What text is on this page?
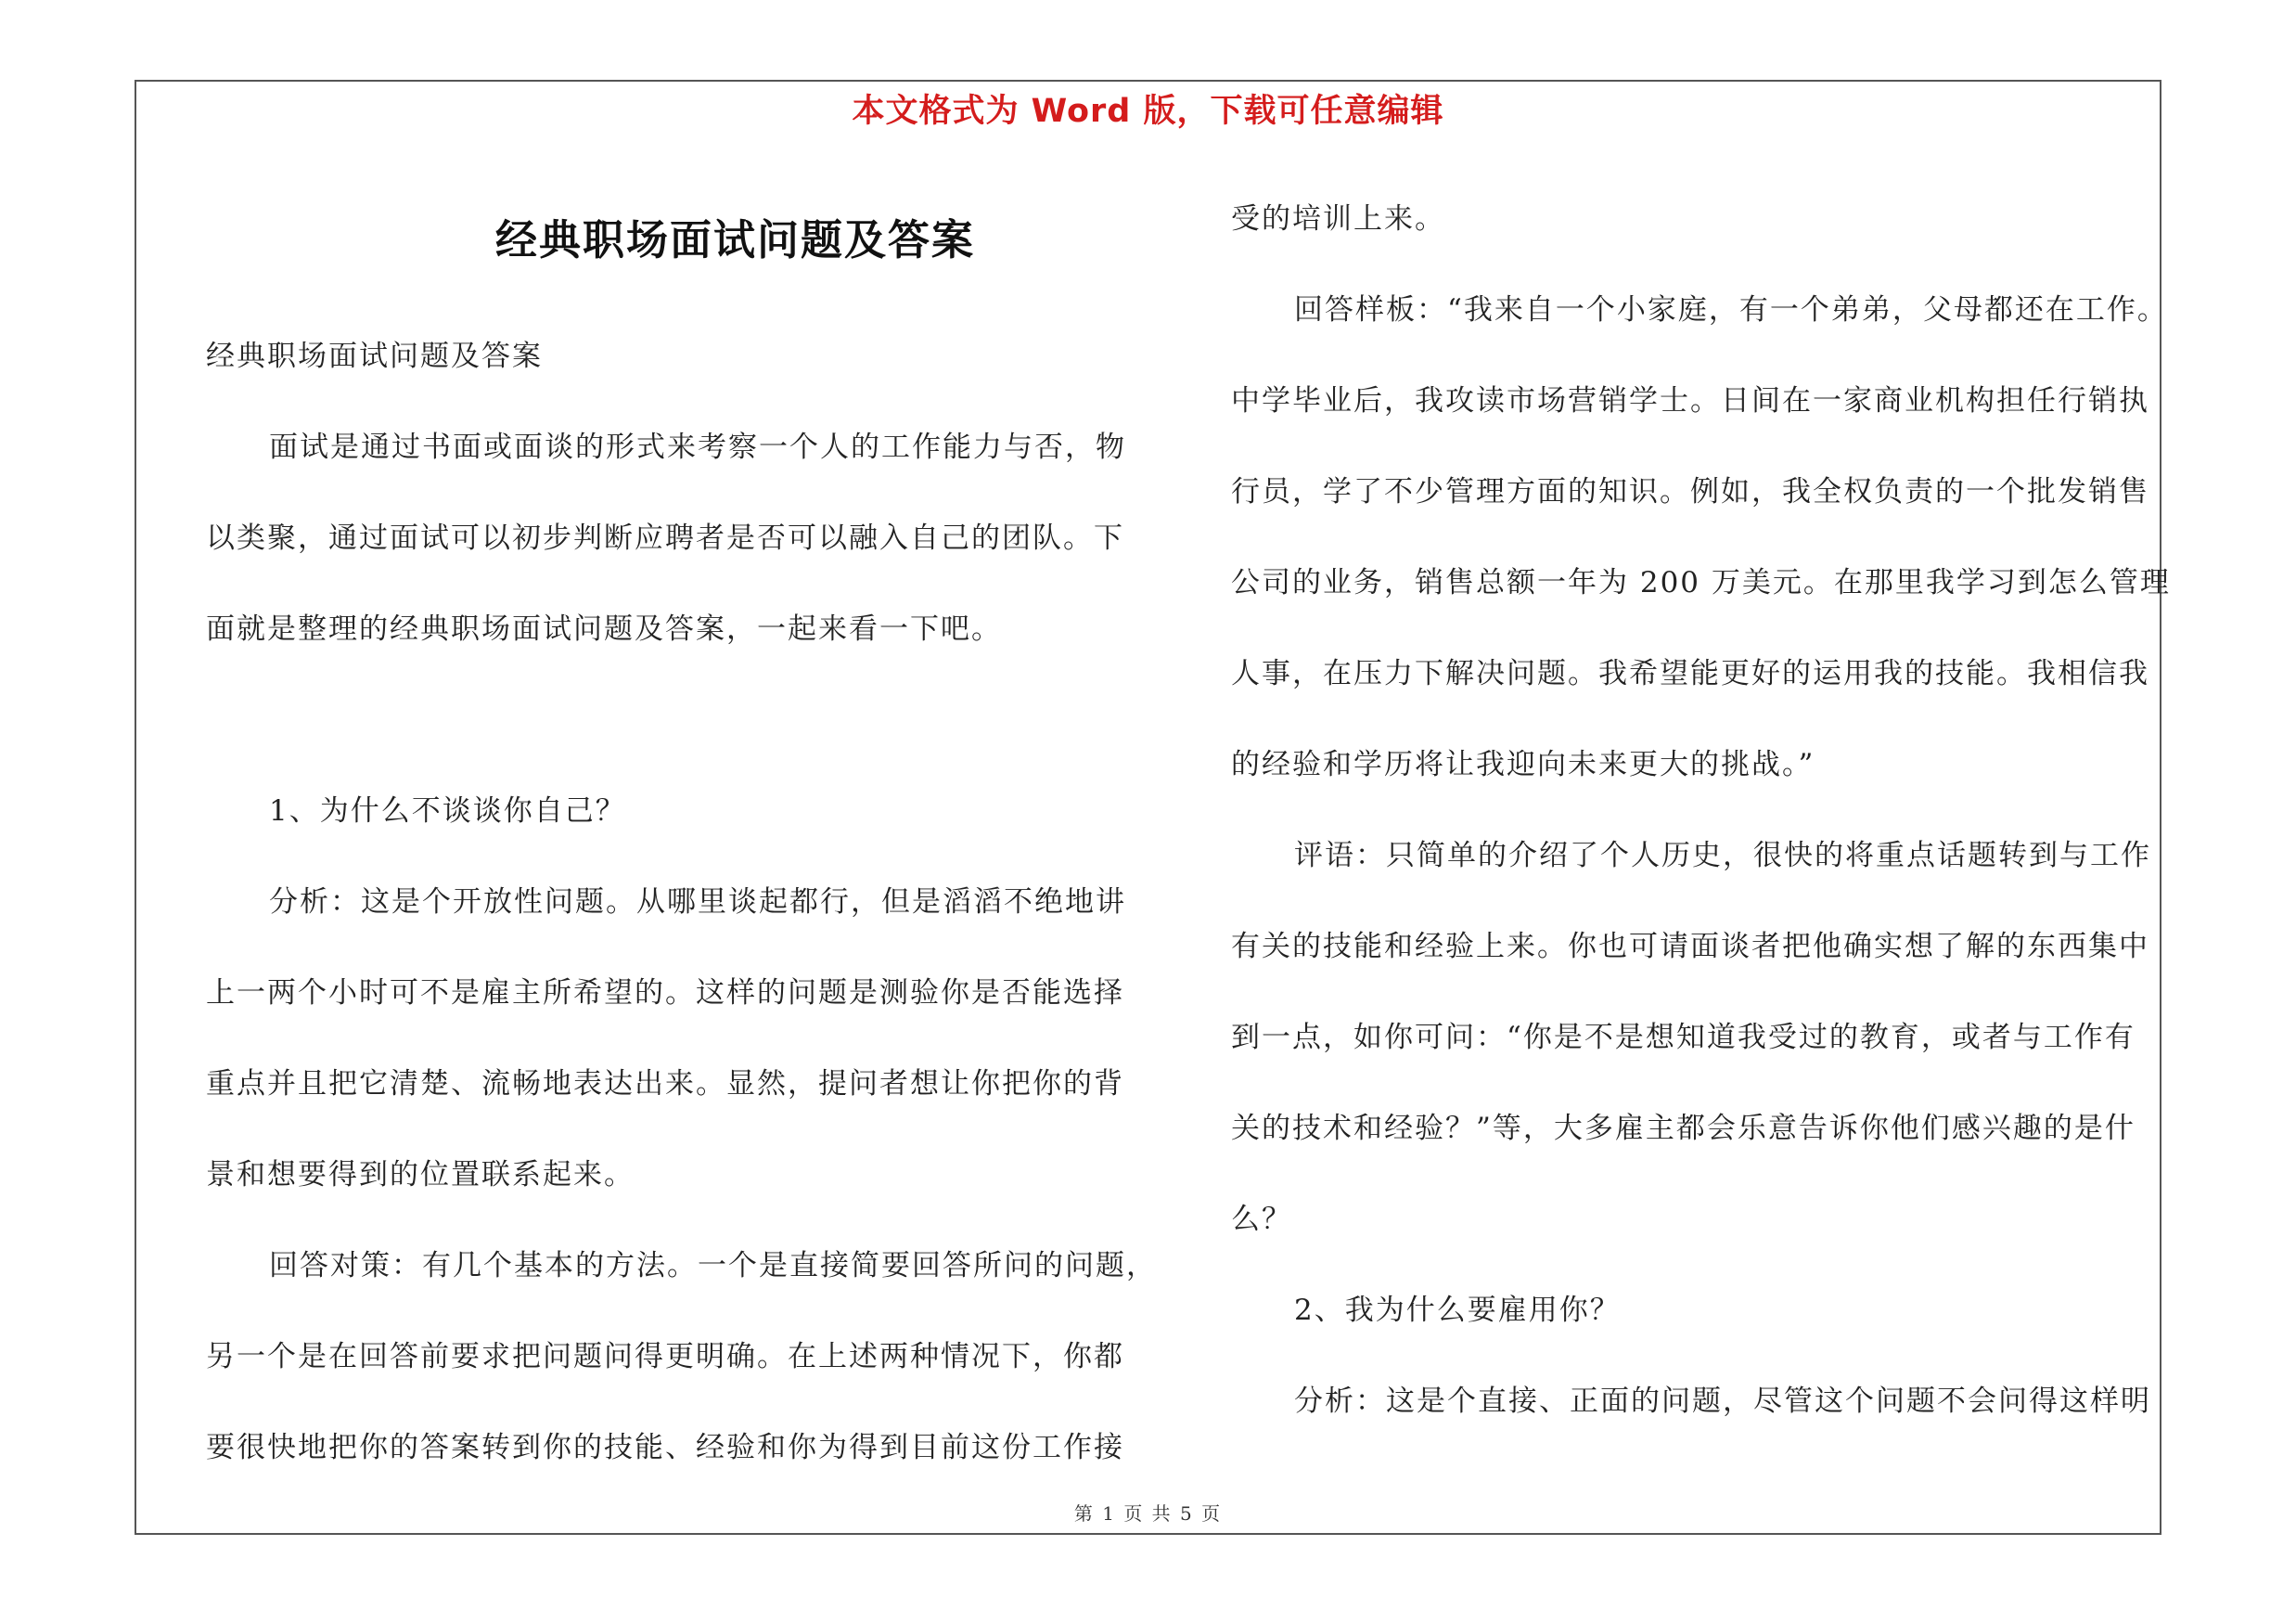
本文格式为 Word 版，下载可任意编辑
经典职场面试问题及答案
经典职场面试问题及答案
面试是通过书面或面谈的形式来考察一个人的工作能力与否，物
以类聚，通过面试可以初步判断应聘者是否可以融入自己的团队。下
面就是整理的经典职场面试问题及答案，一起来看一下吧。
1、为什么不谈谈你自己？
分析：这是个开放性问题。从哪里谈起都行，但是滔滔不绝地讲
上一两个小时可不是雇主所希望的。这样的问题是测验你是否能选择
重点并且把它清楚、流畅地表达出来。显然，提问者想让你把你的背
景和想要得到的位置联系起来。
回答对策：有几个基本的方法。一个是直接简要回答所问的问题，
另一个是在回答前要求把问题问得更明确。在上述两种情况下，你都
要很快地把你的答案转到你的技能、经验和你为得到目前这份工作接
受的培训上来。
回答样板：“我来自一个小家庭，有一个弟弟，父母都还在工作。
中学毕业后，我攻读市场营销学士。日间在一家商业机构担任行销执
行员，学了不少管理方面的知识。例如，我全权负责的一个批发销售
公司的业务，销售总额一年为 200 万美元。在那里我学习到怎么管理
人事，在压力下解决问题。我希望能更好的运用我的技能。我相信我
的经验和学历将让我迎向未来更大的挑战。”
评语：只简单的介绍了个人历史，很快的将重点话题转到与工作
有关的技能和经验上来。你也可请面谈者把他确实想了解的东西集中
到一点，如你可问：“你是不是想知道我受过的教育，或者与工作有
关的技术和经验？”等，大多雇主都会乐意告诉你他们感兴趣的是什
么？
2、我为什么要雇用你？
分析：这是个直接、正面的问题，尽管这个问题不会问得这样明
第 1 页 共 5 页
